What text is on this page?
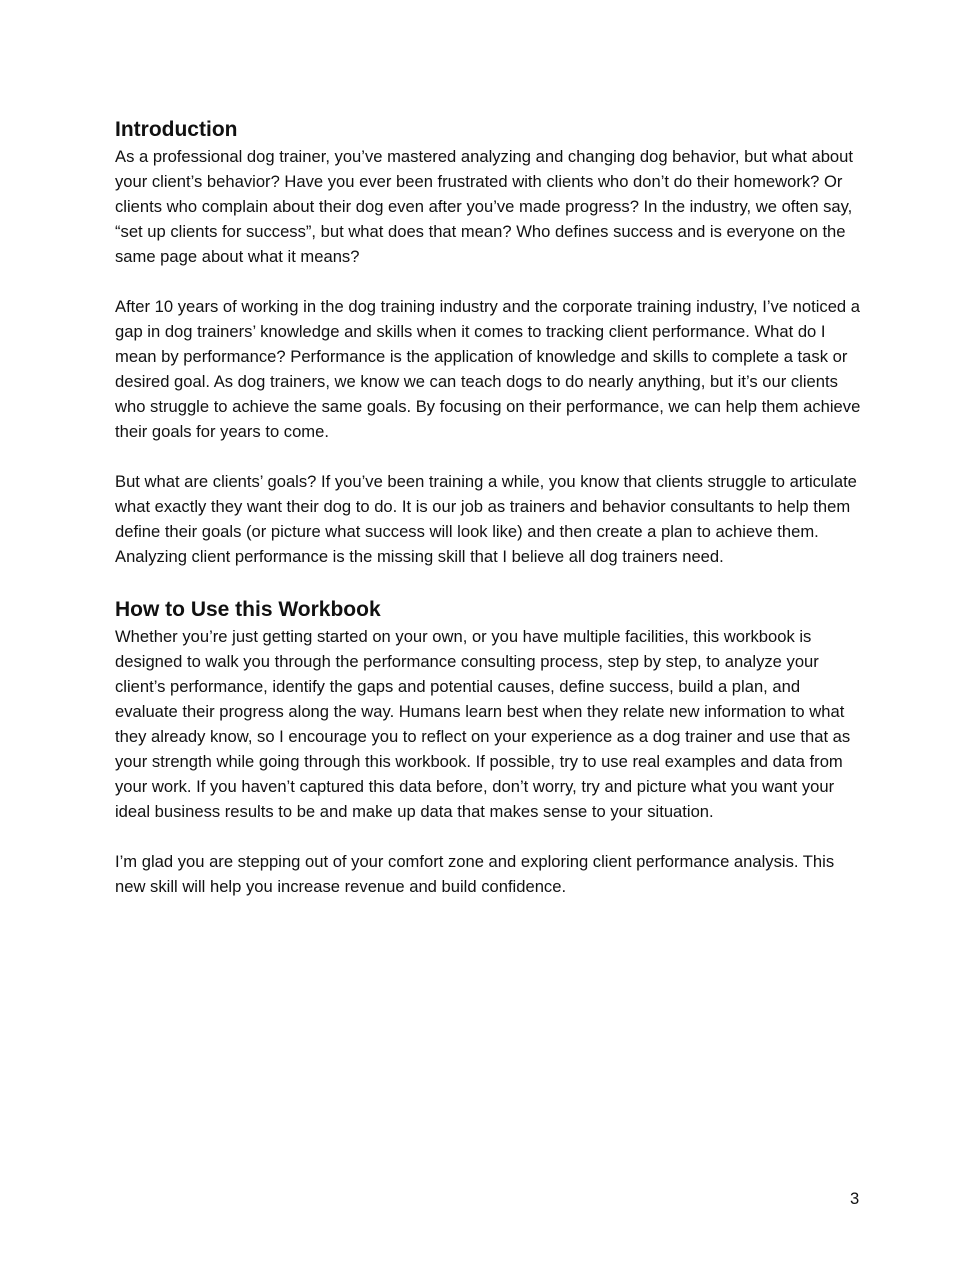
Introduction

As a professional dog trainer, you’ve mastered analyzing and changing dog behavior, but what about your client’s behavior? Have you ever been frustrated with clients who don’t do their homework? Or clients who complain about their dog even after you’ve made progress? In the industry, we often say, “set up clients for success”, but what does that mean? Who defines success and is everyone on the same page about what it means?

After 10 years of working in the dog training industry and the corporate training industry, I’ve noticed a gap in dog trainers’ knowledge and skills when it comes to tracking client performance. What do I mean by performance? Performance is the application of knowledge and skills to complete a task or desired goal. As dog trainers, we know we can teach dogs to do nearly anything, but it’s our clients who struggle to achieve the same goals. By focusing on their performance, we can help them achieve their goals for years to come.

But what are clients’ goals? If you’ve been training a while, you know that clients struggle to articulate what exactly they want their dog to do. It is our job as trainers and behavior consultants to help them define their goals (or picture what success will look like) and then create a plan to achieve them. Analyzing client performance is the missing skill that I believe all dog trainers need.

How to Use this Workbook

Whether you’re just getting started on your own, or you have multiple facilities, this workbook is designed to walk you through the performance consulting process, step by step, to analyze your client’s performance, identify the gaps and potential causes, define success, build a plan, and evaluate their progress along the way. Humans learn best when they relate new information to what they already know, so I encourage you to reflect on your experience as a dog trainer and use that as your strength while going through this workbook. If possible, try to use real examples and data from your work. If you haven’t captured this data before, don’t worry, try and picture what you want your ideal business results to be and make up data that makes sense to your situation.

I’m glad you are stepping out of your comfort zone and exploring client performance analysis. This new skill will help you increase revenue and build confidence.

3
